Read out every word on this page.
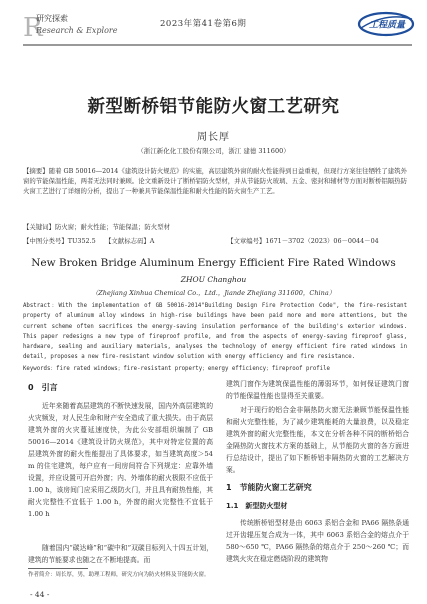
R
研究探索
Research & Explore
2023年第41卷第6期	工程质量
新型断桥铝节能防火窗工艺研究
周长厚
（浙江新化化工股份有限公司，浙江 建德 311600）
【摘要】随着 GB 50016—2014《建筑设计防火规范》的实施，高层建筑外窗的耐火性能得到日益重视，但现行方案往往牺牲了建筑外窗的节能保温性能，两者无法同时兼顾。论文重新设计了断桥铝防火型材，并从节能防火玻璃、五金、密封和辅材等方面对断桥铝隔热防火窗工艺进行了详细的分析，提出了一种兼具节能保温性能和耐火性能的防火窗生产工艺。
【关键词】防火窗；耐火性能；节能保温；防火型材
【中图分类号】TU352.5 【文献标志码】A	【文章编号】1671－3702（2023）06－0044－04
New Broken Bridge Aluminum Energy Efficient Fire Rated Windows
ZHOU Changhou
（Zhejiang Xinhua Chemical Co.，Ltd.，Jiande Zhejiang 311600，China）
Abstract：With the implementation of GB 50016-2014"Building Design Fire Protection Code", the fire-resistant property of aluminum alloy windows in high-rise buildings have been paid more and more attentions, but the current scheme often sacrifices the energy-saving insulation performance of the building's exterior windows. This paper redesigns a new type of fireproof profile, and from the aspects of energy-saving fireproof glass, hardware, sealing and auxiliary materials, analyses the technology of energy efficient fire rated windows in detail, proposes a new fire-resistant window solution with energy efficiency and fire resistance.
Keywords：fire rated windows；fire-resistant property；energy efficiency；fireproof profile
0　引言
近年来随着高层建筑的不断快速发展，国内外高层建筑的火灾频发，对人民生命和财产安全造成了重大损失。由于高层建筑外窗的火灾蔓延速度快，为此公安部组织编制了 GB 50016—2014《建筑设计防火规范》，其中对特定位置的高层建筑外窗的耐火性能提出了具体要求，如当建筑高度＞54 m 的住宅建筑，每户应有一间房间符合下列规定：应靠外墙设置，并应设置可开启外窗；内、外墙体的耐火极限不应低于 1.00 h，该房间门应采用乙级防火门，并且具有耐热性能，其耐火完整性不宜低于 1.00 h，外窗的耐火完整性不宜低于 1.00 h
随着国内“碳达峰”和“碳中和”双碳目标列入十四五计划，建筑的节能要求也随之在不断地提高。而
作者简介：周长厚，男，助理工程师，研究方向为防火材料及节能防火窗。
建筑门窗作为建筑保温性能的薄弱环节，如何保证建筑门窗的节能保温性能也显得至关重要。
对于现行的铝合金非隔热防火窗无法兼顾节能保温性能和耐火完整性能，为了减少建筑能耗的大量浪费，以及稳定建筑外窗的耐火完整性能，本文在分析各种不同的断桥铝合金隔热防火窗技术方案的基础上，从节能防火窗的各方面进行总结设计，提出了如下断桥铝非隔热防火窗的工艺解决方案。
1　节能防火窗工艺研究
1.1　新型防火型材
传统断桥铝型材是由 6063 系铝合金和 PA66 隔热条通过开齿辊压复合成为一体，其中 6063 系铝合金的熔点介于 580～650 ℃，PA66 隔热条的熔点介于 250～260 ℃；而建筑火灾在稳定燃烧阶段的建筑物
- 44 -
